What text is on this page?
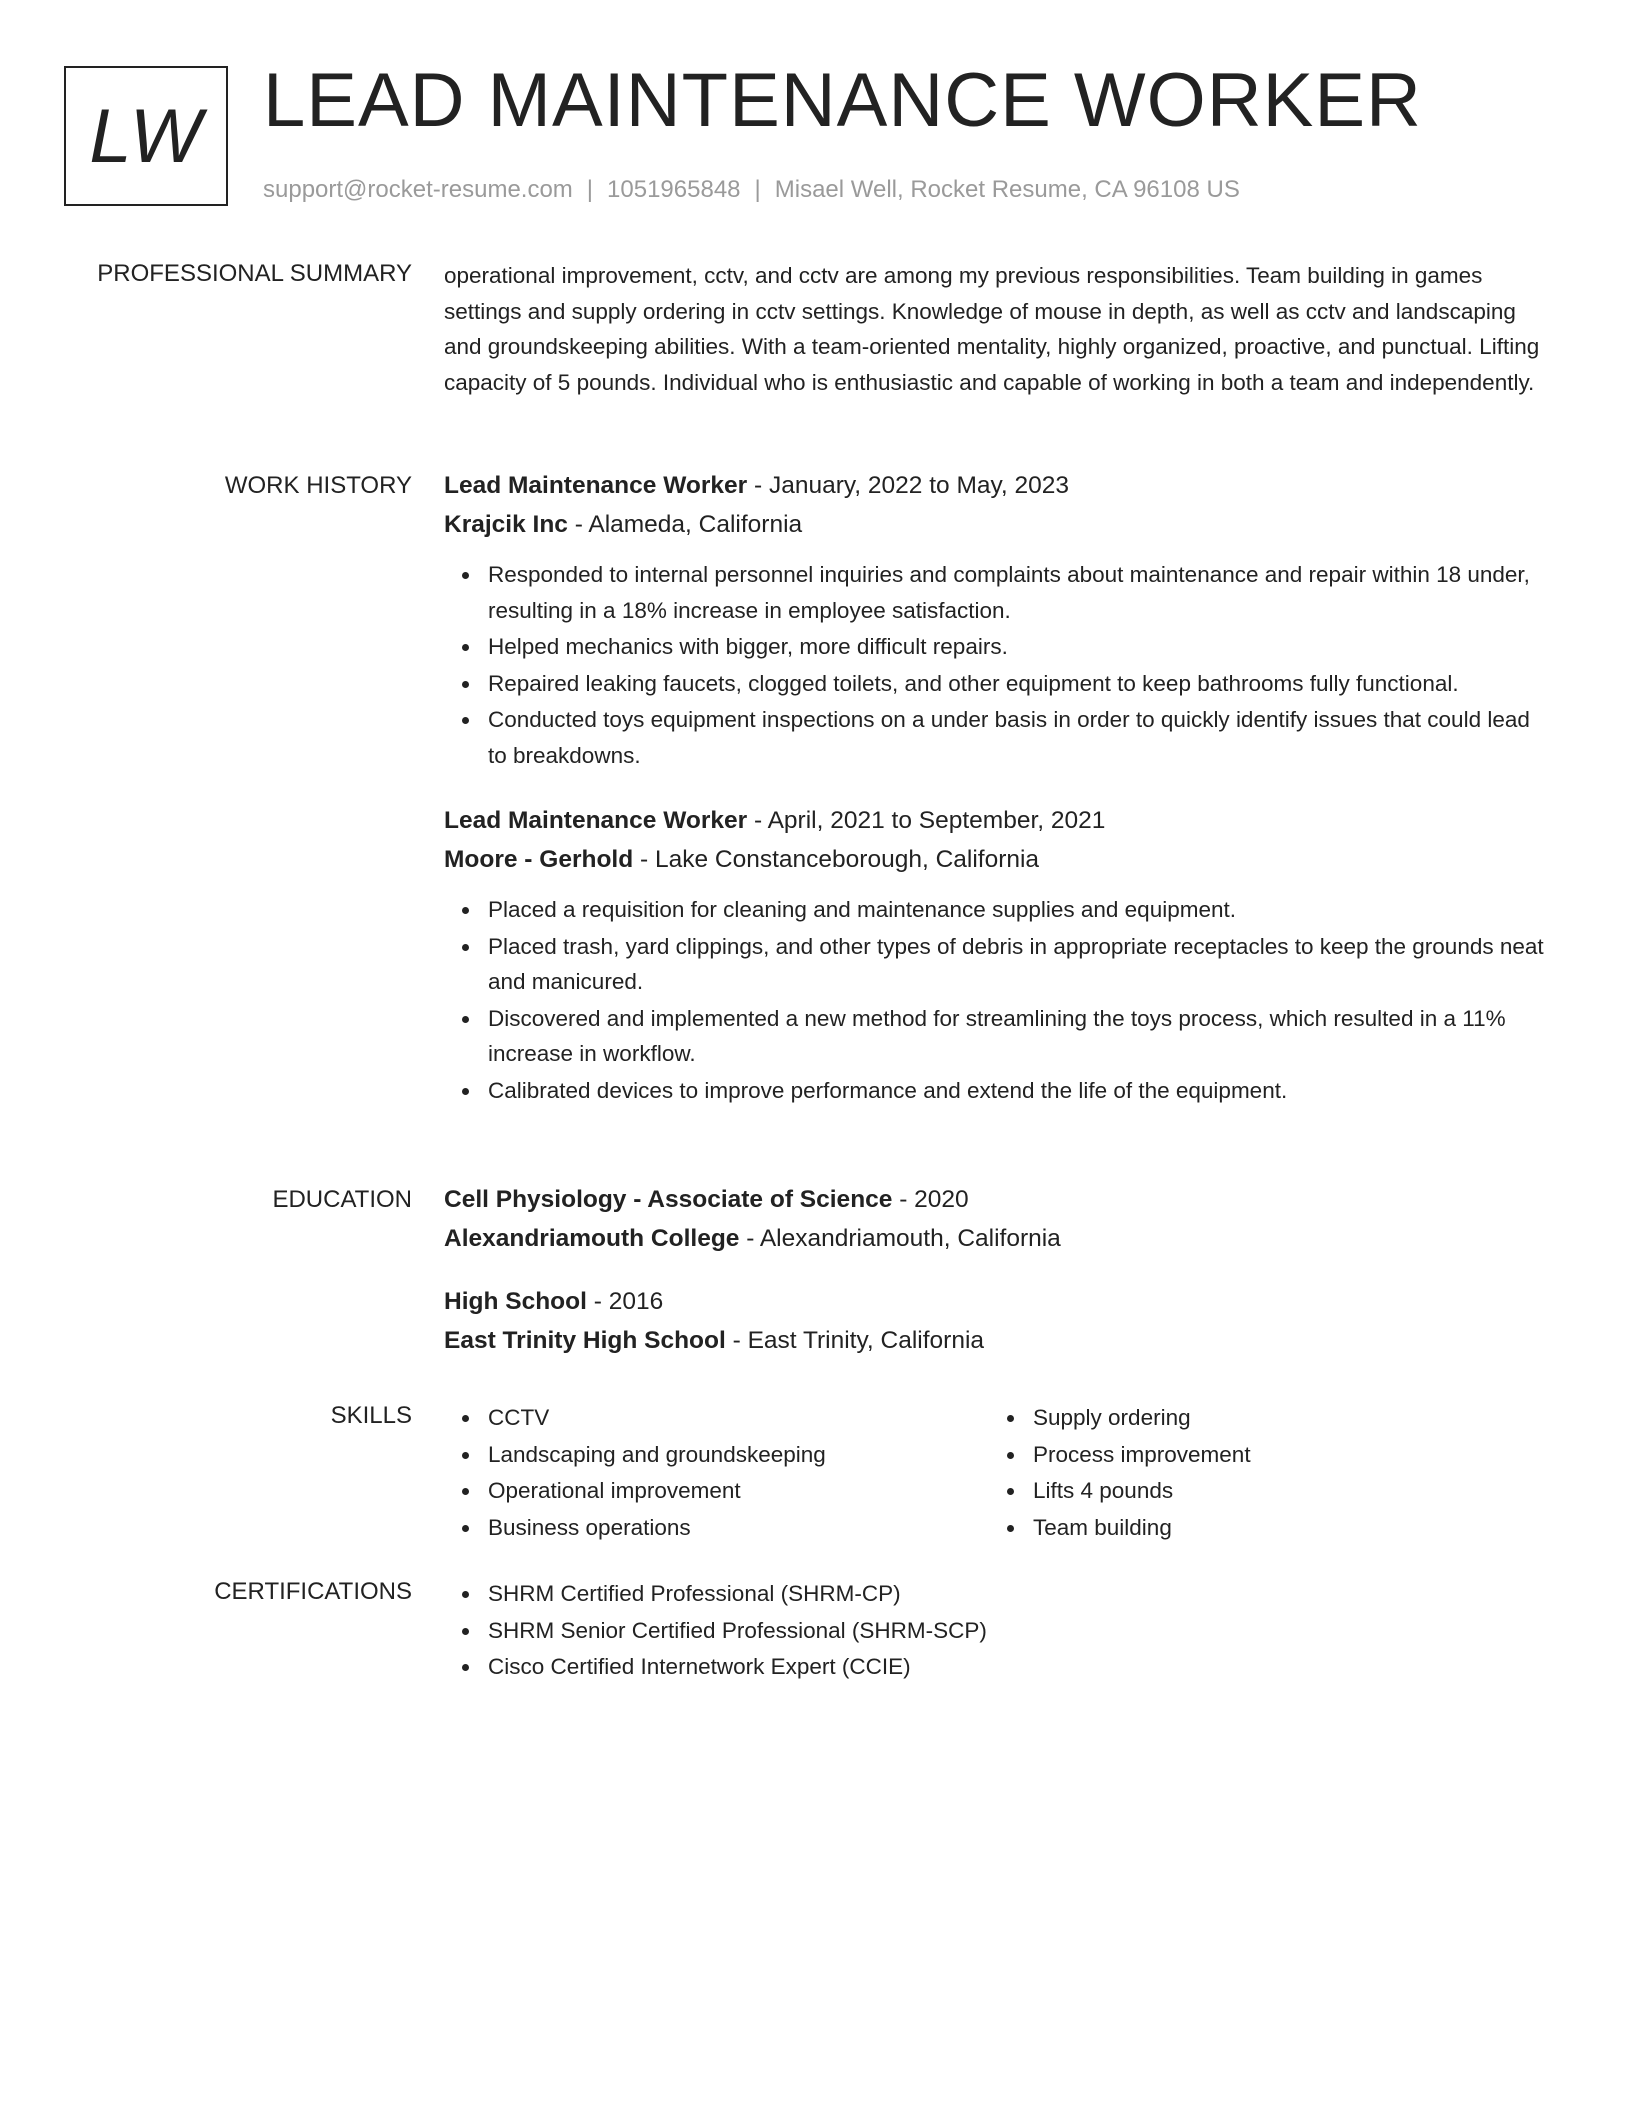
LW LEAD MAINTENANCE WORKER
support@rocket-resume.com | 1051965848 | Misael Well, Rocket Resume, CA 96108 US
PROFESSIONAL SUMMARY operational improvement, cctv, and cctv are among my previous responsibilities. Team building in games settings and supply ordering in cctv settings. Knowledge of mouse in depth, as well as cctv and landscaping and groundskeeping abilities. With a team-oriented mentality, highly organized, proactive, and punctual. Lifting capacity of 5 pounds. Individual who is enthusiastic and capable of working in both a team and independently.

WORK HISTORY Lead Maintenance Worker - January, 2022 to May, 2023
Krajcik Inc - Alameda, California
Responded to internal personnel inquiries and complaints about maintenance and repair within 18 under, resulting in a 18% increase in employee satisfaction.
Helped mechanics with bigger, more difficult repairs.
Repaired leaking faucets, clogged toilets, and other equipment to keep bathrooms fully functional.
Conducted toys equipment inspections on a under basis in order to quickly identify issues that could lead to breakdowns.
Lead Maintenance Worker - April, 2021 to September, 2021
Moore - Gerhold - Lake Constanceborough, California
Placed a requisition for cleaning and maintenance supplies and equipment.
Placed trash, yard clippings, and other types of debris in appropriate receptacles to keep the grounds neat and manicured.
Discovered and implemented a new method for streamlining the toys process, which resulted in a 11% increase in workflow.
Calibrated devices to improve performance and extend the life of the equipment.
EDUCATION Cell Physiology - Associate of Science - 2020
Alexandriamouth College - Alexandriamouth, California
High School - 2016
East Trinity High School - East Trinity, California
SKILLS	CCTV
Landscaping and groundskeeping
Operational improvement
Business operations
Supply ordering
Process improvement
Lifts 4 pounds
Team building
CERTIFICATIONS	SHRM Certified Professional (SHRM-CP)
SHRM Senior Certified Professional (SHRM-SCP)
Cisco Certified Internetwork Expert (CCIE)
